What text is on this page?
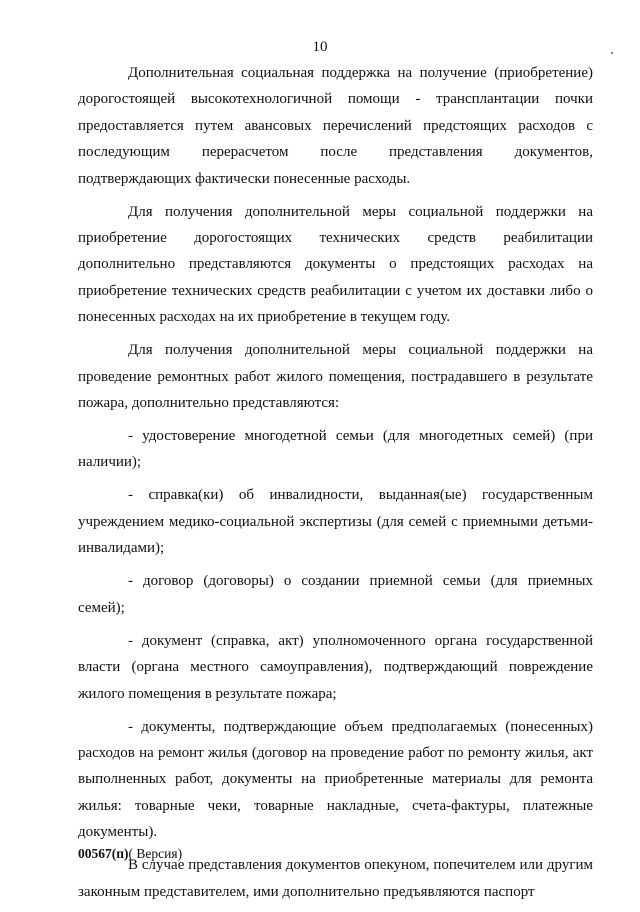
10

Дополнительная социальная поддержка на получение (приобретение) дорогостоящей высокотехнологичной помощи - трансплантации почки предоставляется путем авансовых перечислений предстоящих расходов с последующим перерасчетом после представления документов, подтверждающих фактически понесенные расходы.

Для получения дополнительной меры социальной поддержки на приобретение дорогостоящих технических средств реабилитации дополнительно представляются документы о предстоящих расходах на приобретение технических средств реабилитации с учетом их доставки либо о понесенных расходах на их приобретение в текущем году.

Для получения дополнительной меры социальной поддержки на проведение ремонтных работ жилого помещения, пострадавшего в результате пожара, дополнительно представляются:

- удостоверение многодетной семьи (для многодетных семей) (при наличии);

- справка(ки) об инвалидности, выданная(ые) государственным учреждением медико-социальной экспертизы (для семей с приемными детьми-инвалидами);

- договор (договоры) о создании приемной семьи (для приемных семей);

- документ (справка, акт) уполномоченного органа государственной власти (органа местного самоуправления), подтверждающий повреждение жилого помещения в результате пожара;

- документы, подтверждающие объем предполагаемых (понесенных) расходов на ремонт жилья (договор на проведение работ по ремонту жилья, акт выполненных работ, документы на приобретенные материалы для ремонта жилья: товарные чеки, товарные накладные, счета-фактуры, платежные документы).

В случае представления документов опекуном, попечителем или другим законным представителем, ими дополнительно предъявляются паспорт

00567(п)( Версия)
